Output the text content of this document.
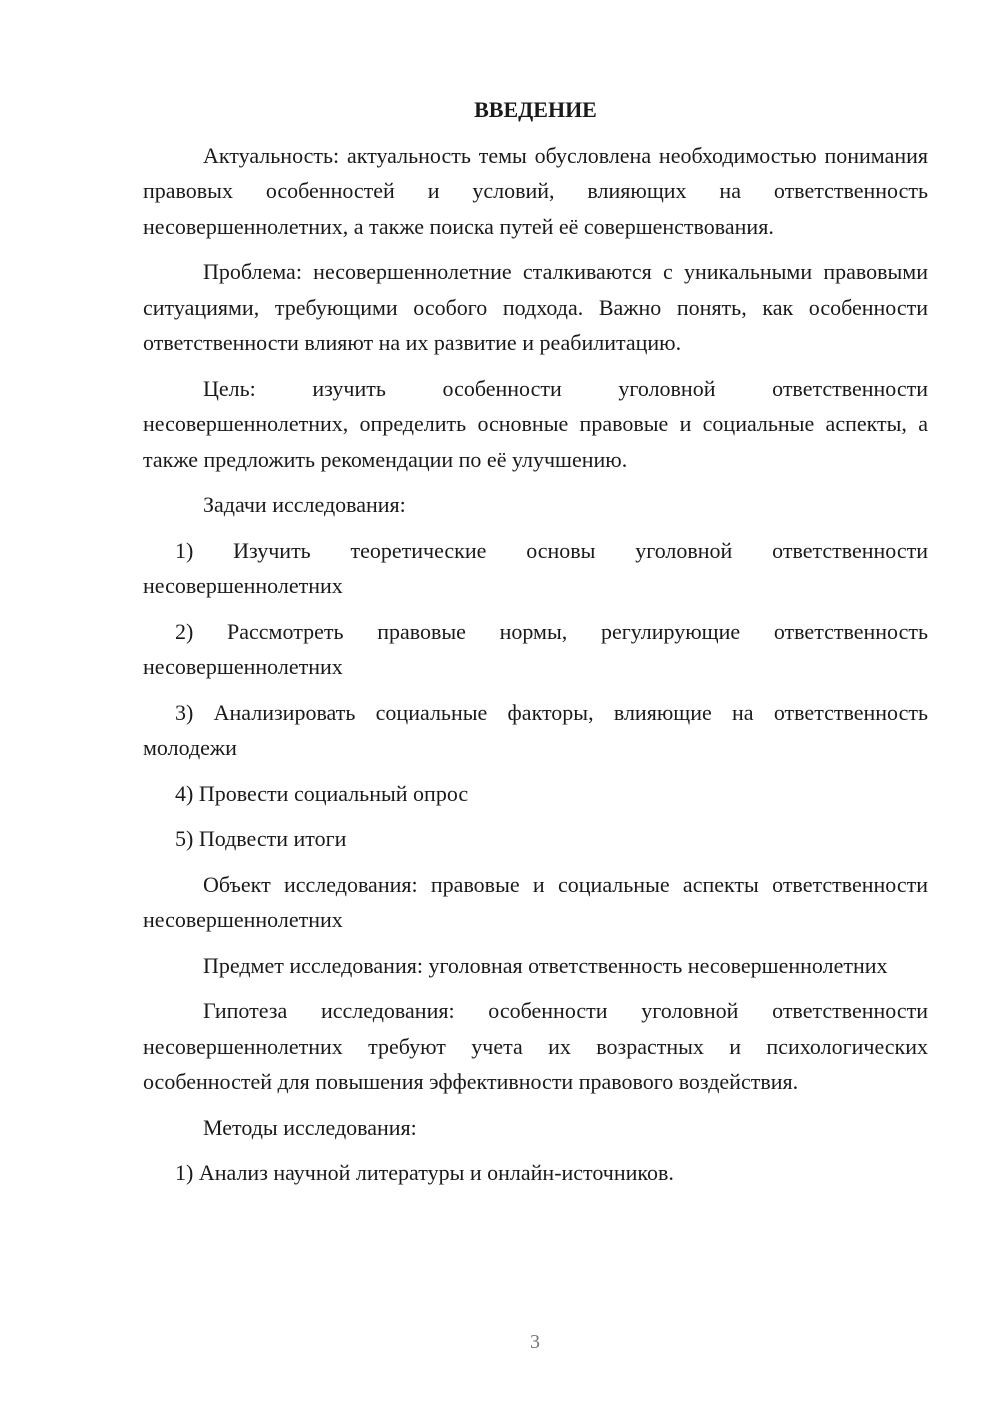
ВВЕДЕНИЕ
Актуальность: актуальность темы обусловлена необходимостью понимания правовых особенностей и условий, влияющих на ответственность несовершеннолетних, а также поиска путей её совершенствования.
Проблема: несовершеннолетние сталкиваются с уникальными правовыми ситуациями, требующими особого подхода. Важно понять, как особенности ответственности влияют на их развитие и реабилитацию.
Цель: изучить особенности уголовной ответственности несовершеннолетних, определить основные правовые и социальные аспекты, а также предложить рекомендации по её улучшению.
Задачи исследования:
1) Изучить теоретические основы уголовной ответственности несовершеннолетних
2) Рассмотреть правовые нормы, регулирующие ответственность несовершеннолетних
3) Анализировать социальные факторы, влияющие на ответственность молодежи
4) Провести социальный опрос
5) Подвести итоги
Объект исследования: правовые и социальные аспекты ответственности несовершеннолетних
Предмет исследования: уголовная ответственность несовершеннолетних
Гипотеза исследования: особенности уголовной ответственности несовершеннолетних требуют учета их возрастных и психологических особенностей для повышения эффективности правового воздействия.
Методы исследования:
1) Анализ научной литературы и онлайн-источников.
3
